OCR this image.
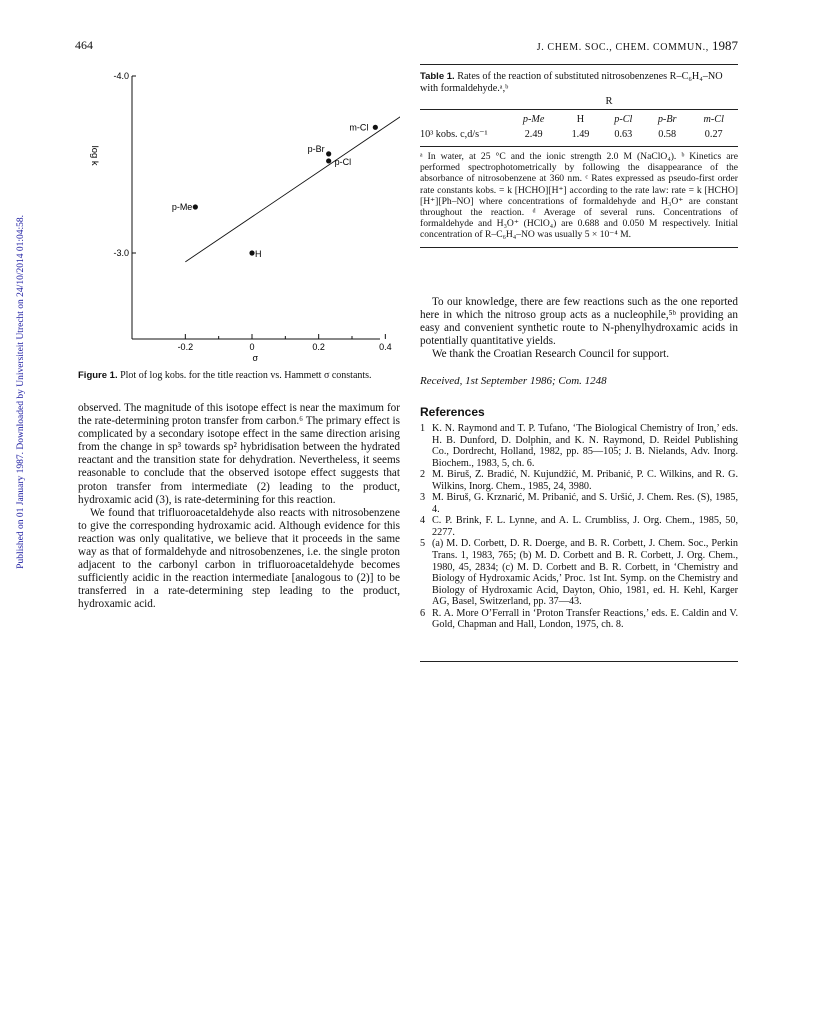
Published on 01 January 1987. Downloaded by Universiteit Utrecht on 24/10/2014 01:04:58.
464	J. CHEM. SOC., CHEM. COMMUN., 1987
-4.0
-3.0
-0.2	0	0.2	0.4
σ
log k
p-Me
H
p-Cl
p-Br
m-Cl
Figure 1. Plot of log kobs. for the title reaction vs. Hammett σ constants.

observed. The magnitude of this isotope effect is near the maximum for the rate-determining proton transfer from carbon.⁶ The primary effect is complicated by a secondary isotope effect in the same direction arising from the change in sp³ towards sp² hybridisation between the hydrated reactant and the transition state for dehydration. Nevertheless, it seems reasonable to conclude that the observed isotope effect suggests that proton transfer from intermediate (2) leading to the product, hydroxamic acid (3), is rate-determining for this reaction.

We found that trifluoroacetaldehyde also reacts with nitrosobenzene to give the corresponding hydroxamic acid. Although evidence for this reaction was only qualitative, we believe that it proceeds in the same way as that of formaldehyde and nitrosobenzenes, i.e. the single proton adjacent to the carbonyl carbon in trifluoroacetaldehyde becomes sufficiently acidic in the reaction intermediate [analogous to (2)] to be transferred in a rate-determining step leading to the product, hydroxamic acid.

Table 1. Rates of the reaction of substituted nitrosobenzenes R–C₆H₄–NO with formaldehyde.ᵃ,ᵇ
R
	p-Me	H	p-Cl	p-Br	m-Cl
10³ kobs. c,d/s⁻¹	2.49	1.49	0.63	0.58	0.27
ᵃ In water, at 25 °C and the ionic strength 2.0 M (NaClO₄). ᵇ Kinetics are performed spectrophotometrically by following the disappearance of the absorbance of nitrosobenzene at 360 nm. ᶜ Rates expressed as pseudo-first order rate constants kobs. = k [HCHO][H⁺] according to the rate law: rate = k [HCHO][H⁺][Ph–NO] where concentrations of formaldehyde and H₃O⁺ are constant throughout the reaction. ᵈ Average of several runs. Concentrations of formaldehyde and H₃O⁺ (HClO₄) are 0.688 and 0.050 M respectively. Initial concentration of R–C₆H₄–NO was usually 5 × 10⁻⁴ M.

To our knowledge, there are few reactions such as the one reported here in which the nitroso group acts as a nucleophile,⁵ᵇ providing an easy and convenient synthetic route to N-phenylhydroxamic acids in potentially quantitative yields.

We thank the Croatian Research Council for support.

Received, 1st September 1986; Com. 1248
References
1 K. N. Raymond and T. P. Tufano, ‘The Biological Chemistry of Iron,’ eds. H. B. Dunford, D. Dolphin, and K. N. Raymond, D. Reidel Publishing Co., Dordrecht, Holland, 1982, pp. 85—105; J. B. Nielands, Adv. Inorg. Biochem., 1983, 5, ch. 6.
2 M. Biruš, Z. Bradić, N. Kujundžić, M. Pribanić, P. C. Wilkins, and R. G. Wilkins, Inorg. Chem., 1985, 24, 3980.
3 M. Biruš, G. Krznarić, M. Pribanić, and S. Uršić, J. Chem. Res. (S), 1985, 4.
4 C. P. Brink, F. L. Lynne, and A. L. Crumbliss, J. Org. Chem., 1985, 50, 2277.
5 (a) M. D. Corbett, D. R. Doerge, and B. R. Corbett, J. Chem. Soc., Perkin Trans. 1, 1983, 765; (b) M. D. Corbett and B. R. Corbett, J. Org. Chem., 1980, 45, 2834; (c) M. D. Corbett and B. R. Corbett, in ‘Chemistry and Biology of Hydroxamic Acids,’ Proc. 1st Int. Symp. on the Chemistry and Biology of Hydroxamic Acid, Dayton, Ohio, 1981, ed. H. Kehl, Karger AG, Basel, Switzerland, pp. 37—43.
6 R. A. More O’Ferrall in ‘Proton Transfer Reactions,’ eds. E. Caldin and V. Gold, Chapman and Hall, London, 1975, ch. 8.
